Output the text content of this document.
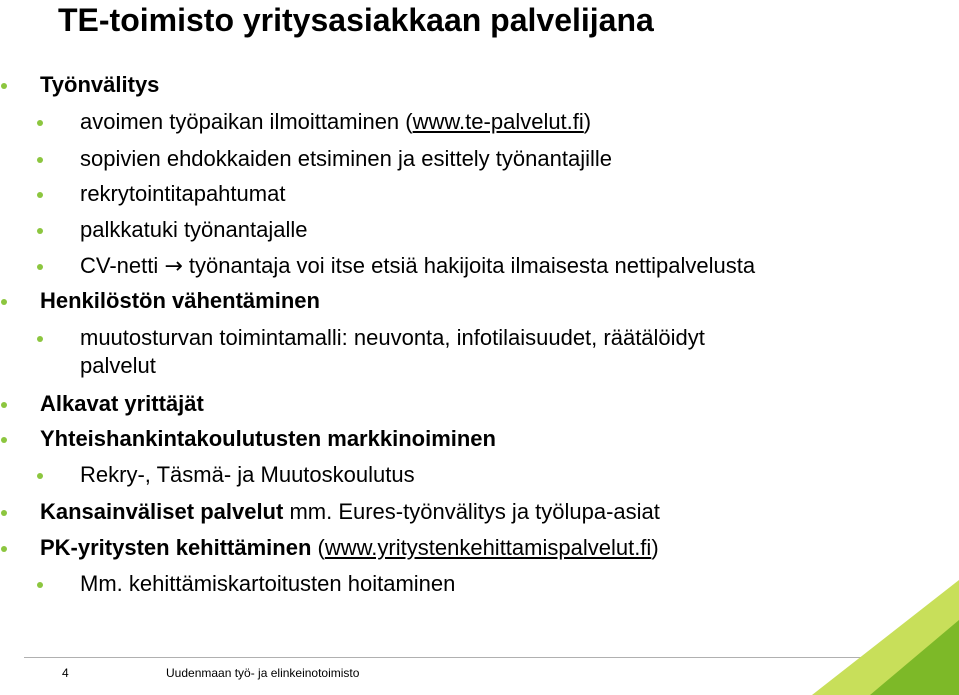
TE-toimisto yritysasiakkaan palvelijana
Työnvälitys
avoimen työpaikan ilmoittaminen (www.te-palvelut.fi)
sopivien ehdokkaiden etsiminen ja esittely työnantajille
rekrytointitapahtumat
palkkatuki työnantajalle
CV-netti → työnantaja voi itse etsiä hakijoita ilmaisesta nettipalvelusta
Henkilöstön vähentäminen
muutosturvan toimintamalli: neuvonta, infotilaisuudet, räätälöidyt
palvelut
Alkavat yrittäjät
Yhteishankintakoulutusten markkinoiminen
Rekry-, Täsmä- ja Muutoskoulutus
Kansainväliset palvelut mm. Eures-työnvälitys ja työlupa-asiat
PK-yritysten kehittäminen (www.yritystenkehittamispalvelut.fi)
Mm. kehittämiskartoitusten hoitaminen
4	Uudenmaan työ- ja elinkeinotoimisto
